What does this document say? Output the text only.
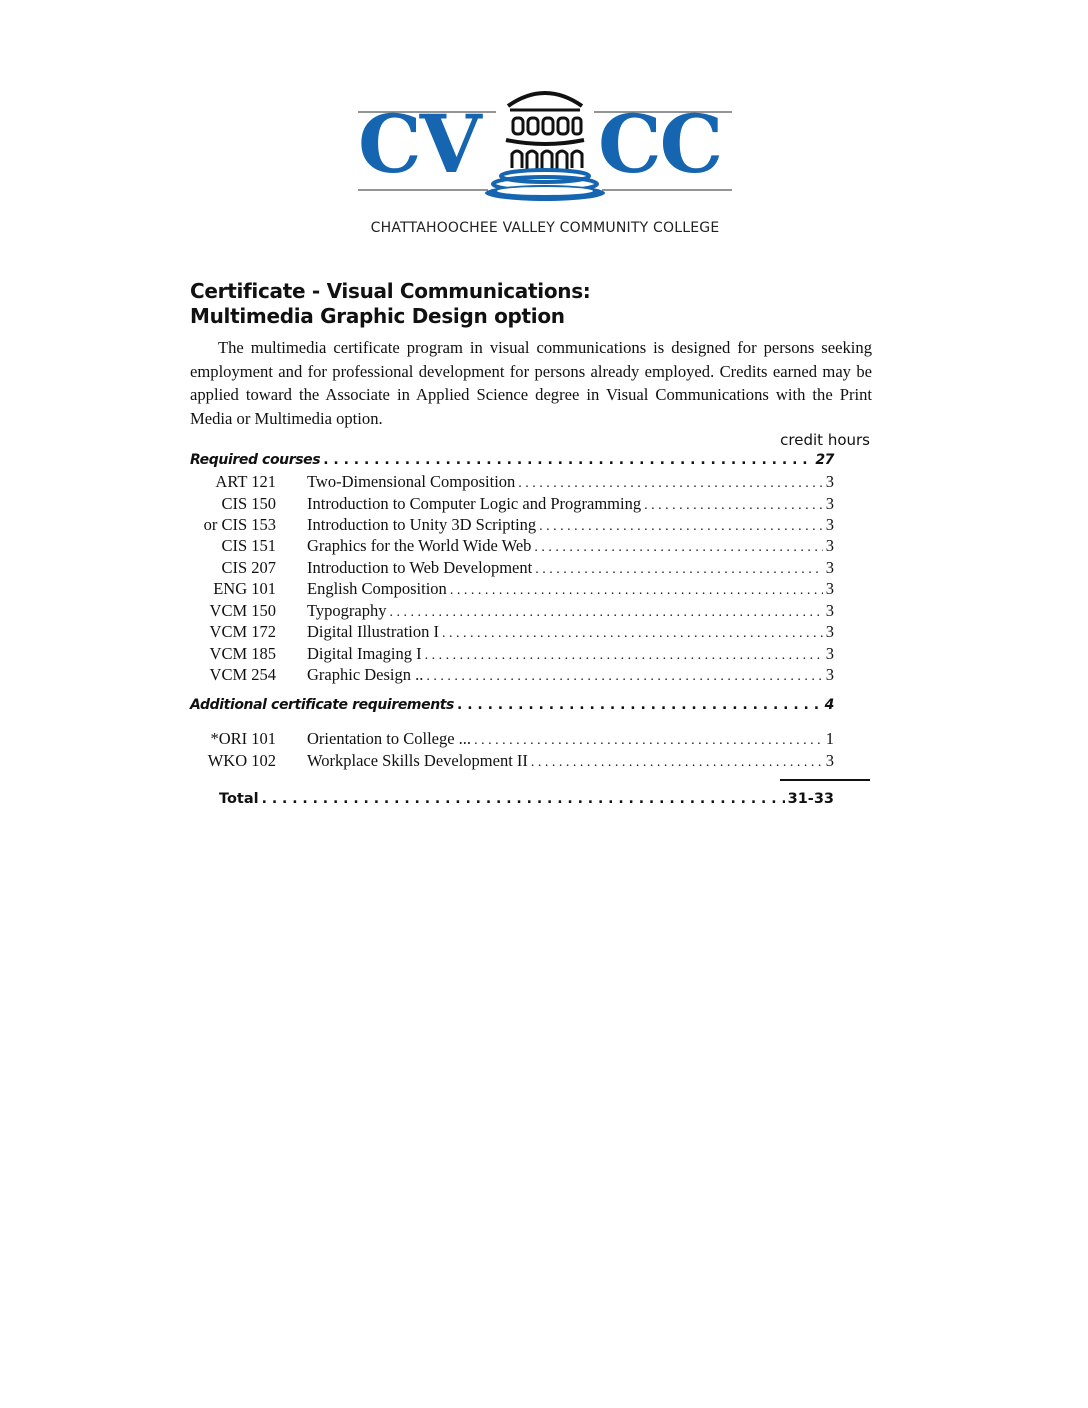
CV CC
CHATTAHOOCHEE VALLEY COMMUNITY COLLEGE
Certificate - Visual Communications:
Multimedia Graphic Design option

The multimedia certificate program in visual communications is designed for persons seeking employment and for professional development for persons already employed. Credits earned may be applied toward the Associate in Applied Science degree in Visual Communications with the Print Media or Multimedia option.

credit hours
Required courses . . .	27
ART 121	Two-Dimensional Composition . . .	3
CIS 150	Introduction to Computer Logic and Programming . . .	3
or CIS 153	Introduction to Unity 3D Scripting . . .	3
CIS 151	Graphics for the World Wide Web . . .	3
CIS 207	Introduction to Web Development . . .	3
ENG 101	English Composition . . .	3
VCM 150	Typography . . .	3
VCM 172	Digital Illustration I . . .	3
VCM 185	Digital Imaging I . . .	3
VCM 254	Graphic Design .. . . .	3
Additional certificate requirements . . .	4
*ORI 101	Orientation to College ... . . .	1
WKO 102	Workplace Skills Development II . . .	3
Total . . .	31-33
